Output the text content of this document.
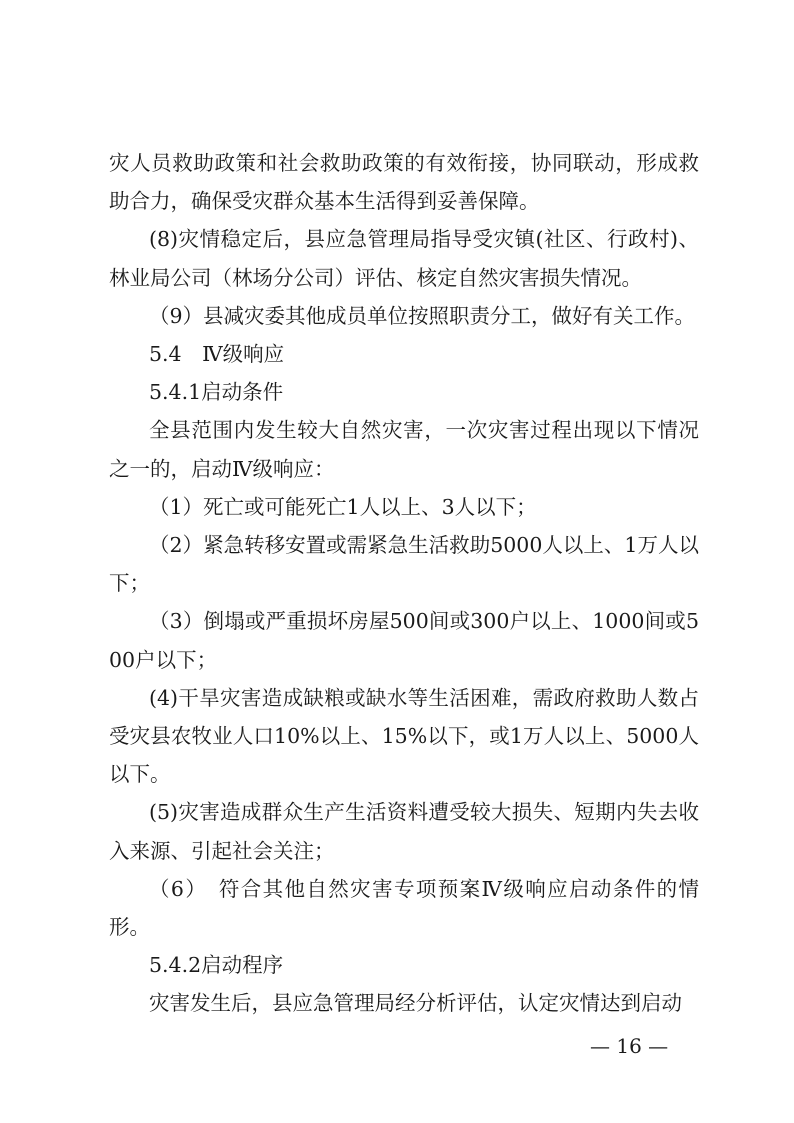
灾人员救助政策和社会救助政策的有效衔接，协同联动，形成救助合力，确保受灾群众基本生活得到妥善保障。

(8)灾情稳定后，县应急管理局指导受灾镇(社区、行政村)、林业局公司（林场分公司）评估、核定自然灾害损失情况。

（9）县减灾委其他成员单位按照职责分工，做好有关工作。

5.4　Ⅳ级响应

5.4.1启动条件

全县范围内发生较大自然灾害，一次灾害过程出现以下情况之一的，启动Ⅳ级响应：

（1）死亡或可能死亡1人以上、3人以下；

（2）紧急转移安置或需紧急生活救助5000人以上、1万人以下；

（3）倒塌或严重损坏房屋500间或300户以上、1000间或500户以下；

(4)干旱灾害造成缺粮或缺水等生活困难，需政府救助人数占受灾县农牧业人口10%以上、15%以下，或1万人以上、5000人以下。

(5)灾害造成群众生产生活资料遭受较大损失、短期内失去收入来源、引起社会关注；

（6）　符合其他自然灾害专项预案Ⅳ级响应启动条件的情形。

5.4.2启动程序

灾害发生后，县应急管理局经分析评估，认定灾情达到启动

— 16 —
